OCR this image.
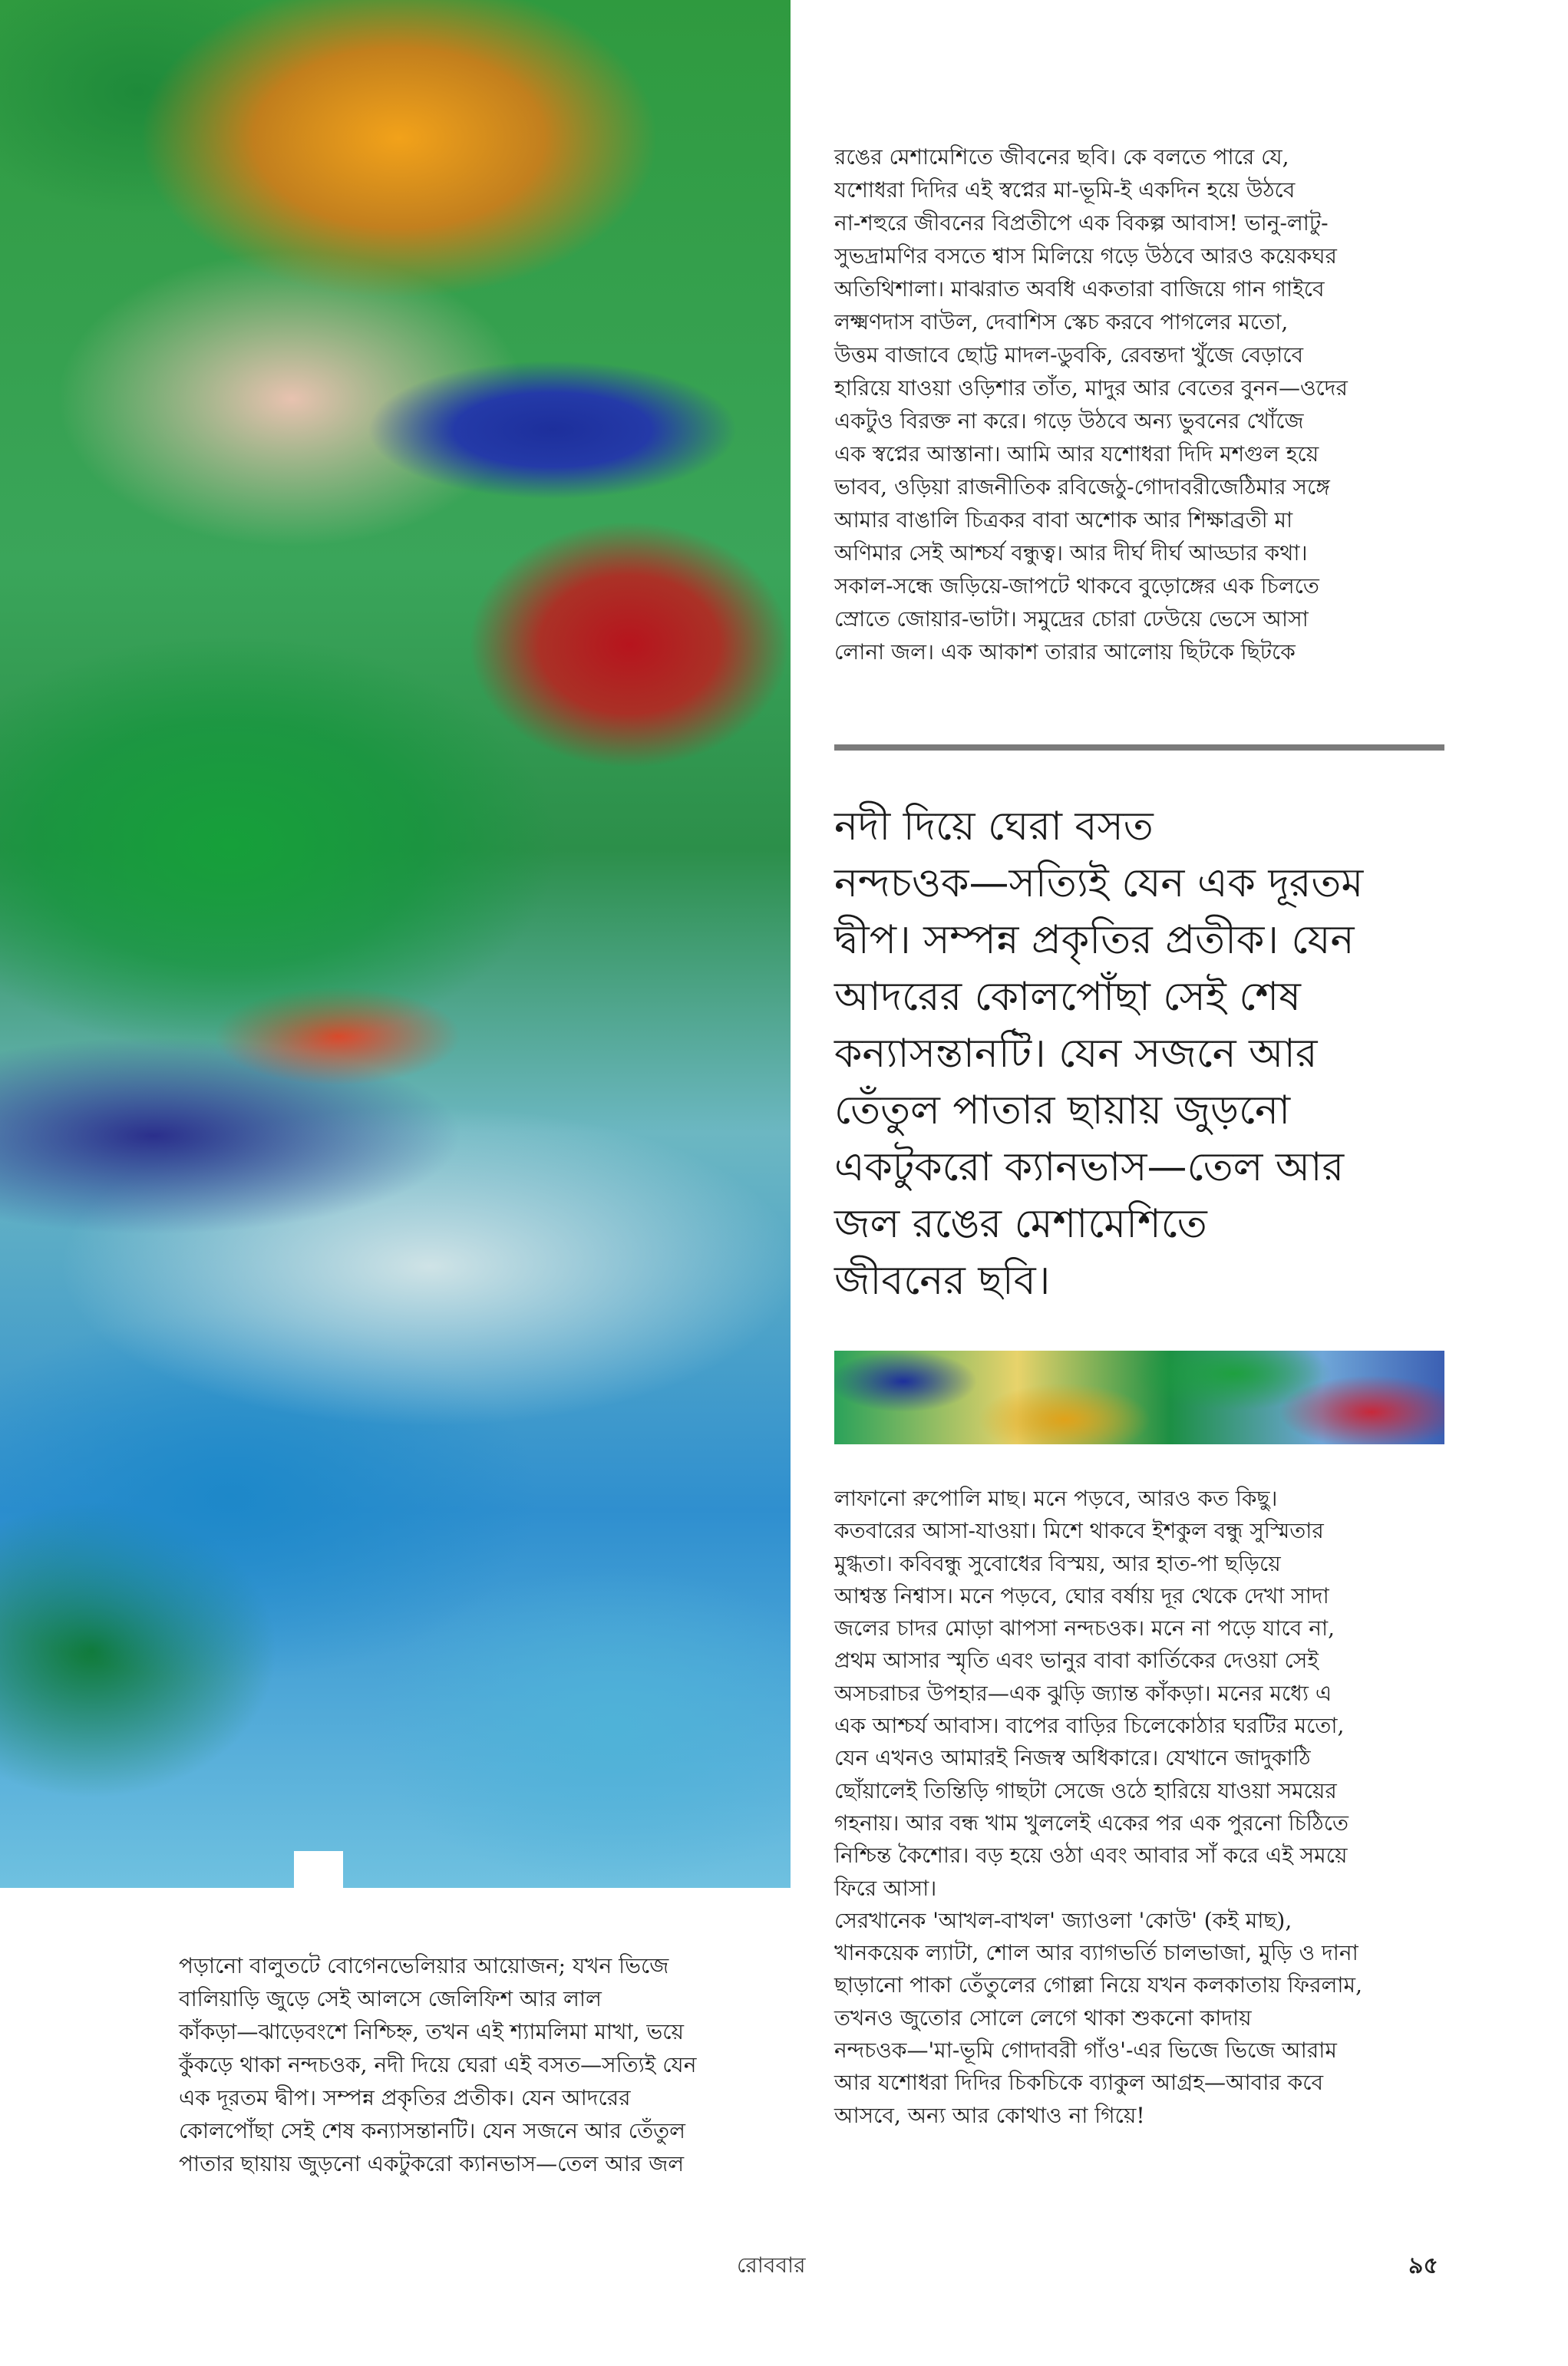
রঙের মেশামেশিতে জীবনের ছবি। কে বলতে পারে যে,
যশোধরা দিদির এই স্বপ্নের মা-ভূমি-ই একদিন হয়ে উঠবে
না-শহুরে জীবনের বিপ্রতীপে এক বিকল্প আবাস! ভানু-লাটু-
সুভদ্রামণির বসতে শ্বাস মিলিয়ে গড়ে উঠবে আরও কয়েকঘর
অতিথিশালা। মাঝরাত অবধি একতারা বাজিয়ে গান গাইবে
লক্ষ্মণদাস বাউল, দেবাশিস স্কেচ করবে পাগলের মতো,
উত্তম বাজাবে ছোট্ট মাদল-ডুবকি, রেবন্তদা খুঁজে বেড়াবে
হারিয়ে যাওয়া ওড়িশার তাঁত, মাদুর আর বেতের বুনন—ওদের
একটুও বিরক্ত না করে। গড়ে উঠবে অন্য ভুবনের খোঁজে
এক স্বপ্নের আস্তানা। আমি আর যশোধরা দিদি মশগুল হয়ে
ভাবব, ওড়িয়া রাজনীতিক রবিজেঠু-গোদাবরীজেঠিমার সঙ্গে
আমার বাঙালি চিত্রকর বাবা অশোক আর শিক্ষাব্রতী মা
অণিমার সেই আশ্চর্য বন্ধুত্ব। আর দীর্ঘ দীর্ঘ আড্ডার কথা।
সকাল-সন্ধে জড়িয়ে-জাপটে থাকবে বুড়োঙ্গের এক চিলতে
স্রোতে জোয়ার-ভাটা। সমুদ্রের চোরা ঢেউয়ে ভেসে আসা
লোনা জল। এক আকাশ তারার আলোয় ছিটকে ছিটকে
নদী দিয়ে ঘেরা বসত
নন্দচওক—সত্যিই যেন এক দূরতম
দ্বীপ। সম্পন্ন প্রকৃতির প্রতীক। যেন
আদরের কোলপোঁছা সেই শেষ
কন্যাসন্তানটি। যেন সজনে আর
তেঁতুল পাতার ছায়ায় জুড়নো
একটুকরো ক্যানভাস—তেল আর
জল রঙের মেশামেশিতে
জীবনের ছবি।
লাফানো রুপোলি মাছ। মনে পড়বে, আরও কত কিছু।
কতবারের আসা-যাওয়া। মিশে থাকবে ইশকুল বন্ধু সুস্মিতার
মুগ্ধতা। কবিবন্ধু সুবোধের বিস্ময়, আর হাত-পা ছড়িয়ে
আশ্বস্ত নিশ্বাস। মনে পড়বে, ঘোর বর্ষায় দূর থেকে দেখা সাদা
জলের চাদর মোড়া ঝাপসা নন্দচওক। মনে না পড়ে যাবে না,
প্রথম আসার স্মৃতি এবং ভানুর বাবা কার্তিকের দেওয়া সেই
অসচরাচর উপহার—এক ঝুড়ি জ্যান্ত কাঁকড়া। মনের মধ্যে এ
এক আশ্চর্য আবাস। বাপের বাড়ির চিলেকোঠার ঘরটির মতো,
যেন এখনও আমারই নিজস্ব অধিকারে। যেখানে জাদুকাঠি
ছোঁয়ালেই তিন্তিড়ি গাছটা সেজে ওঠে হারিয়ে যাওয়া সময়ের
গহনায়। আর বন্ধ খাম খুললেই একের পর এক পুরনো চিঠিতে
নিশ্চিন্ত কৈশোর। বড় হয়ে ওঠা এবং আবার সাঁ করে এই সময়ে
ফিরে আসা।
সেরখানেক 'আখল-বাখল' জ্যাওলা 'কোউ' (কই মাছ),
খানকয়েক ল্যাটা, শোল আর ব্যাগভর্তি চালভাজা, মুড়ি ও দানা
ছাড়ানো পাকা তেঁতুলের গোল্লা নিয়ে যখন কলকাতায় ফিরলাম,
তখনও জুতোর সোলে লেগে থাকা শুকনো কাদায়
নন্দচওক—'মা-ভূমি গোদাবরী গাঁও'-এর ভিজে ভিজে আরাম
আর যশোধরা দিদির চিকচিকে ব্যাকুল আগ্রহ—আবার কবে
আসবে, অন্য আর কোথাও না গিয়ে!
পড়ানো বালুতটে বোগেনভেলিয়ার আয়োজন; যখন ভিজে
বালিয়াড়ি জুড়ে সেই আলসে জেলিফিশ আর লাল
কাঁকড়া—ঝাড়েবংশে নিশ্চিহ্ন, তখন এই শ্যামলিমা মাখা, ভয়ে
কুঁকড়ে থাকা নন্দচওক, নদী দিয়ে ঘেরা এই বসত—সত্যিই যেন
এক দূরতম দ্বীপ। সম্পন্ন প্রকৃতির প্রতীক। যেন আদরের
কোলপোঁছা সেই শেষ কন্যাসন্তানটি। যেন সজনে আর তেঁতুল
পাতার ছায়ায় জুড়নো একটুকরো ক্যানভাস—তেল আর জল
রোববার	৯৫
